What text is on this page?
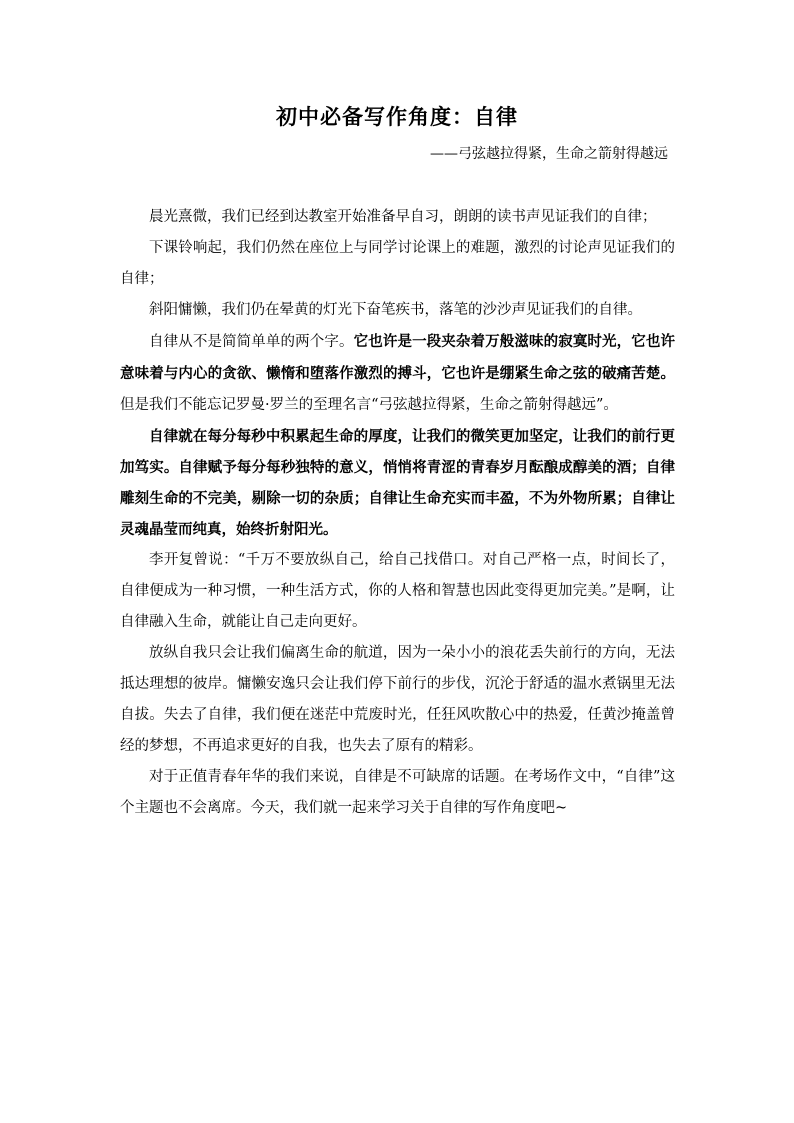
初中必备写作角度：自律
——弓弦越拉得紧，生命之箭射得越远

晨光熹微，我们已经到达教室开始准备早自习，朗朗的读书声见证我们的自律；

下课铃响起，我们仍然在座位上与同学讨论课上的难题，激烈的讨论声见证我们的自律；

斜阳慵懒，我们仍在晕黄的灯光下奋笔疾书，落笔的沙沙声见证我们的自律。

自律从不是简简单单的两个字。它也许是一段夹杂着万般滋味的寂寞时光，它也许意味着与内心的贪欲、懒惰和堕落作激烈的搏斗，它也许是绷紧生命之弦的破痛苦楚。但是我们不能忘记罗曼·罗兰的至理名言“弓弦越拉得紧，生命之箭射得越远”。

自律就在每分每秒中积累起生命的厚度，让我们的微笑更加坚定，让我们的前行更加笃实。自律赋予每分每秒独特的意义，悄悄将青涩的青春岁月酝酿成醇美的酒；自律雕刻生命的不完美，剔除一切的杂质；自律让生命充实而丰盈，不为外物所累；自律让灵魂晶莹而纯真，始终折射阳光。

李开复曾说：“千万不要放纵自己，给自己找借口。对自己严格一点，时间长了，自律便成为一种习惯，一种生活方式，你的人格和智慧也因此变得更加完美。”是啊，让自律融入生命，就能让自己走向更好。

放纵自我只会让我们偏离生命的航道，因为一朵小小的浪花丢失前行的方向，无法抵达理想的彼岸。慵懒安逸只会让我们停下前行的步伐，沉沦于舒适的温水煮锅里无法自拔。失去了自律，我们便在迷茫中荒废时光，任狂风吹散心中的热爱，任黄沙掩盖曾经的梦想，不再追求更好的自我，也失去了原有的精彩。

对于正值青春年华的我们来说，自律是不可缺席的话题。在考场作文中，“自律”这个主题也不会离席。今天，我们就一起来学习关于自律的写作角度吧~
